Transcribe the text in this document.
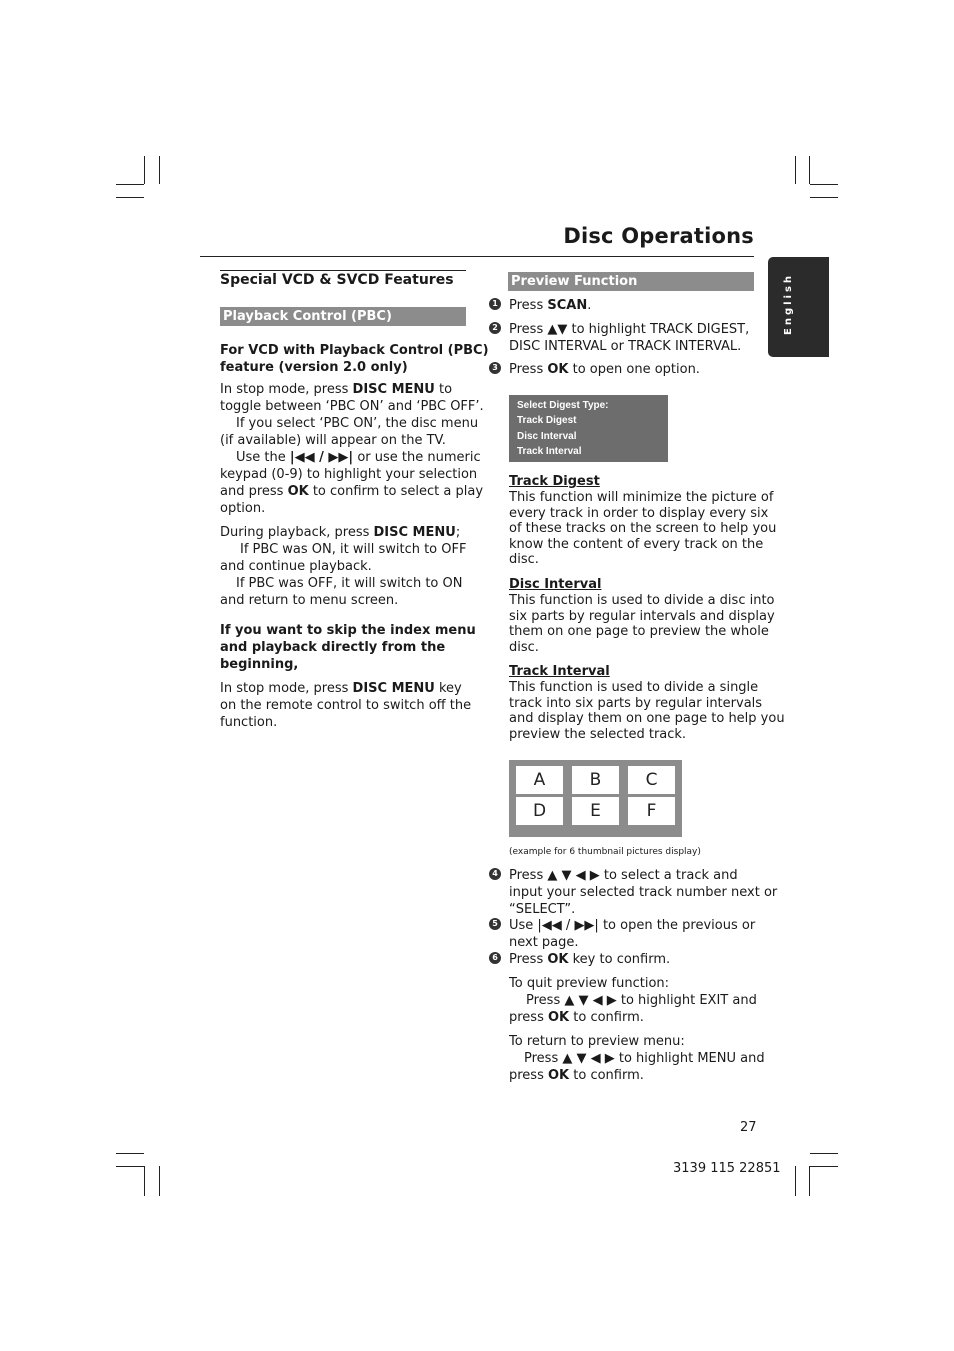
Disc Operations
English
Special VCD & SVCD Features
Playback Control (PBC)
For VCD with Playback Control (PBC)
feature (version 2.0 only)
In stop mode, press DISC MENU to
toggle between ‘PBC ON’ and ‘PBC OFF’.
If you select ‘PBC ON’, the disc menu
(if available) will appear on the TV.
Use the |◀◀ / ▶▶| or use the numeric
keypad (0-9) to highlight your selection
and press OK to confirm to select a play
option.
During playback, press DISC MENU;
If PBC was ON, it will switch to OFF
and continue playback.
If PBC was OFF, it will switch to ON
and return to menu screen.
If you want to skip the index menu
and playback directly from the
beginning,
In stop mode, press DISC MENU key
on the remote control to switch off the
function.
Preview Function
1 Press SCAN.
2 Press ▲▼ to highlight TRACK DIGEST,
DISC INTERVAL or TRACK INTERVAL.
3 Press OK to open one option.
Select Digest Type:
Track Digest
Disc Interval
Track Interval
Track Digest
This function will minimize the picture of
every track in order to display every six
of these tracks on the screen to help you
know the content of every track on the
disc.
Disc Interval
This function is used to divide a disc into
six parts by regular intervals and display
them on one page to preview the whole
disc.
Track Interval
This function is used to divide a single
track into six parts by regular intervals
and display them on one page to help you
preview the selected track.
A	B	C
D	E	F
(example for 6 thumbnail pictures display)
4 Press ▲ ▼ ◀ ▶ to select a track and
input your selected track number next or
“SELECT”.
5 Use |◀◀ / ▶▶| to open the previous or
next page.
6 Press OK key to confirm.
To quit preview function:
Press ▲ ▼ ◀ ▶ to highlight EXIT and
press OK to confirm.
To return to preview menu:
Press ▲ ▼ ◀ ▶ to highlight MENU and
press OK to confirm.
27
3139 115 22851
